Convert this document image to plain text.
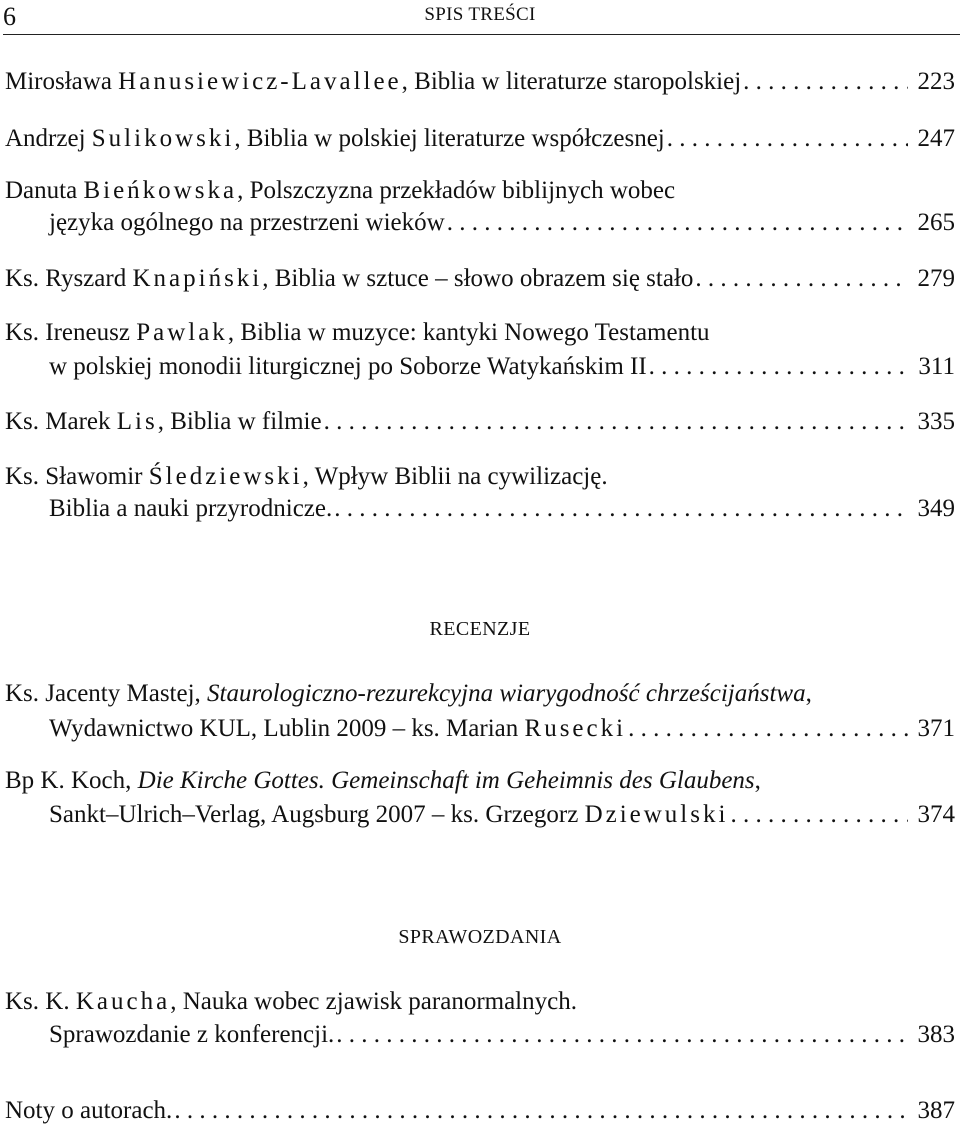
6	SPIS TREŚCI
Mirosława Hanusiewicz-Lavallee, Biblia w literaturze staropolskiej . . .	223
Andrzej Sulikowski, Biblia w polskiej literaturze współczesnej . . .	247
Danuta Bieńkowska, Polszczyzna przekładów biblijnych wobec
języka ogólnego na przestrzeni wieków . . .	265
Ks. Ryszard Knapiński, Biblia w sztuce – słowo obrazem się stało . . .	279
Ks. Ireneusz Pawlak, Biblia w muzyce: kantyki Nowego Testamentu
w polskiej monodii liturgicznej po Soborze Watykańskim II . . .	311
Ks. Marek Lis, Biblia w filmie . . .	335
Ks. Sławomir Śledziewski, Wpływ Biblii na cywilizację.
Biblia a nauki przyrodnicze. . . .	349
RECENZJE
Ks. Jacenty Mastej, Staurologiczno-rezurekcyjna wiarygodność chrześcijaństwa,
Wydawnictwo KUL, Lublin 2009 – ks. Marian Rusecki . . .	371
Bp K. Koch, Die Kirche Gottes. Gemeinschaft im Geheimnis des Glaubens,
Sankt–Ulrich–Verlag, Augsburg 2007 – ks. Grzegorz Dziewulski . . .	374
SPRAWOZDANIA
Ks. K. Kaucha, Nauka wobec zjawisk paranormalnych.
Sprawozdanie z konferencji. . . .	383
Noty o autorach. . . .	387
